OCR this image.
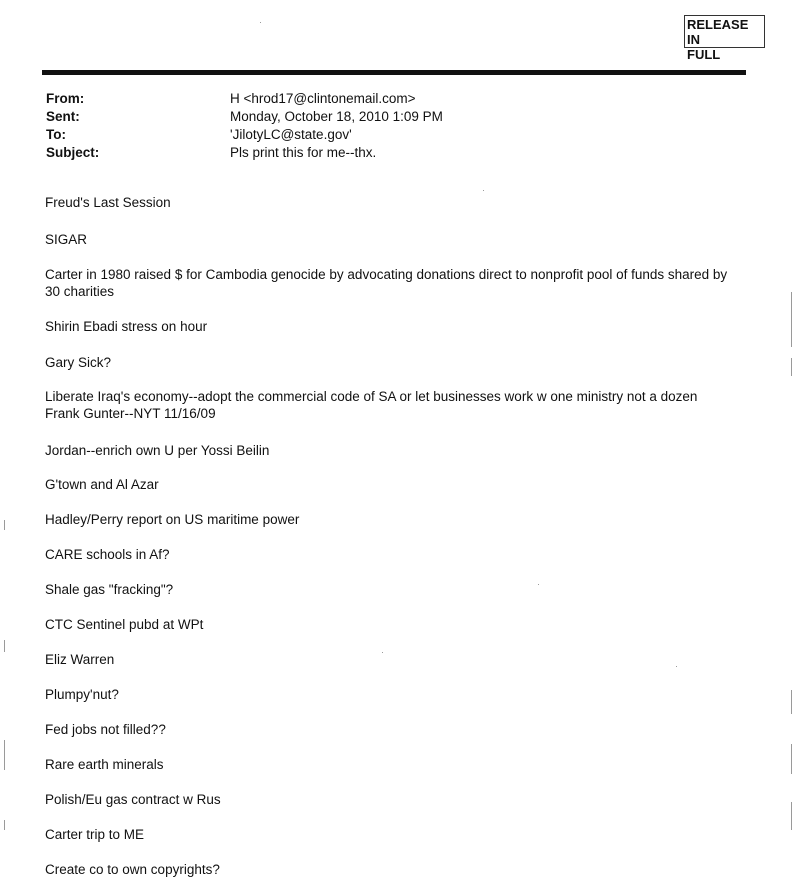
RELEASE IN
FULL
From:	H <hrod17@clintonemail.com>
Sent:	Monday, October 18, 2010 1:09 PM
To:	'JilotyLC@state.gov'
Subject:	Pls print this for me--thx.
Freud's Last Session
SIGAR
Carter in 1980 raised $ for Cambodia genocide by advocating donations direct to nonprofit pool of funds shared by 30 charities
Shirin Ebadi stress on hour
Gary Sick?
Liberate Iraq's economy--adopt the commercial code of SA or let businesses work w one ministry not a dozen Frank Gunter--NYT 11/16/09
Jordan--enrich own U per Yossi Beilin
G'town and Al Azar
Hadley/Perry report on US maritime power
CARE schools in Af?
Shale gas "fracking"?
CTC Sentinel pubd at WPt
Eliz Warren
Plumpy'nut?
Fed jobs not filled??
Rare earth minerals
Polish/Eu gas contract w Rus
Carter trip to ME
Create co to own copyrights?
